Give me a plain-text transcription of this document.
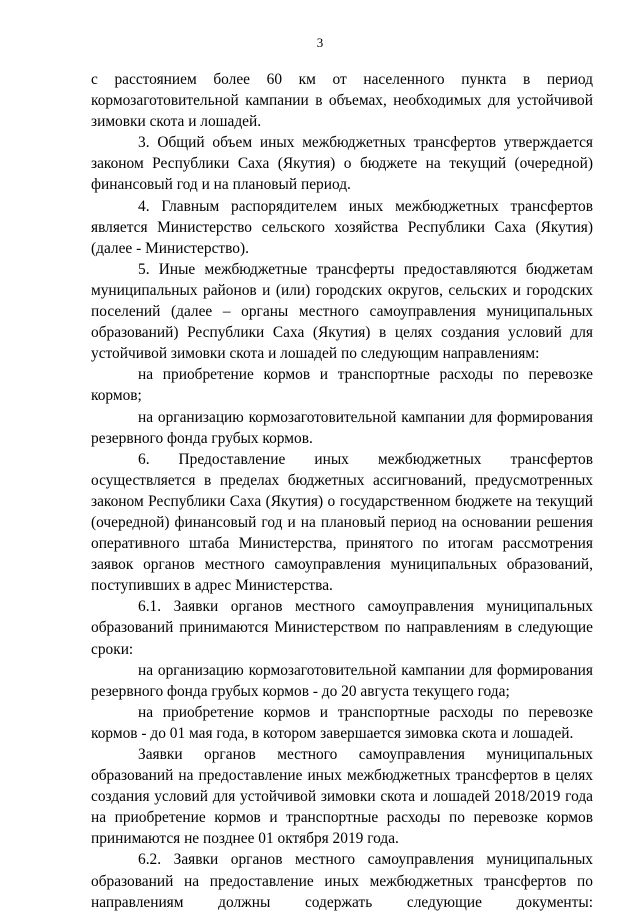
3

с расстоянием более 60 км от населенного пункта в период кормозаготовительной кампании в объемах, необходимых для устойчивой зимовки скота и лошадей.

3. Общий объем иных межбюджетных трансфертов утверждается законом Республики Саха (Якутия) о бюджете на текущий (очередной) финансовый год и на плановый период.

4. Главным распорядителем иных межбюджетных трансфертов является Министерство сельского хозяйства Республики Саха (Якутия) (далее - Министерство).

5. Иные межбюджетные трансферты предоставляются бюджетам муниципальных районов и (или) городских округов, сельских и городских поселений (далее – органы местного самоуправления муниципальных образований) Республики Саха (Якутия) в целях создания условий для устойчивой зимовки скота и лошадей по следующим направлениям:

на приобретение кормов и транспортные расходы по перевозке кормов;

на организацию кормозаготовительной кампании для формирования резервного фонда грубых кормов.

6. Предоставление иных межбюджетных трансфертов осуществляется в пределах бюджетных ассигнований, предусмотренных законом Республики Саха (Якутия) о государственном бюджете на текущий (очередной) финансовый год и на плановый период на основании решения оперативного штаба Министерства, принятого по итогам рассмотрения заявок органов местного самоуправления муниципальных образований, поступивших в адрес Министерства.

6.1. Заявки органов местного самоуправления муниципальных образований принимаются Министерством по направлениям в следующие сроки:

на организацию кормозаготовительной кампании для формирования резервного фонда грубых кормов - до 20 августа текущего года;

на приобретение кормов и транспортные расходы по перевозке кормов - до 01 мая года, в котором завершается зимовка скота и лошадей.

Заявки органов местного самоуправления муниципальных образований на предоставление иных межбюджетных трансфертов в целях создания условий для устойчивой зимовки скота и лошадей 2018/2019 года на приобретение кормов и транспортные расходы по перевозке кормов принимаются не позднее 01 октября 2019 года.

6.2. Заявки органов местного самоуправления муниципальных образований на предоставление иных межбюджетных трансфертов по направлениям должны содержать следующие документы:
